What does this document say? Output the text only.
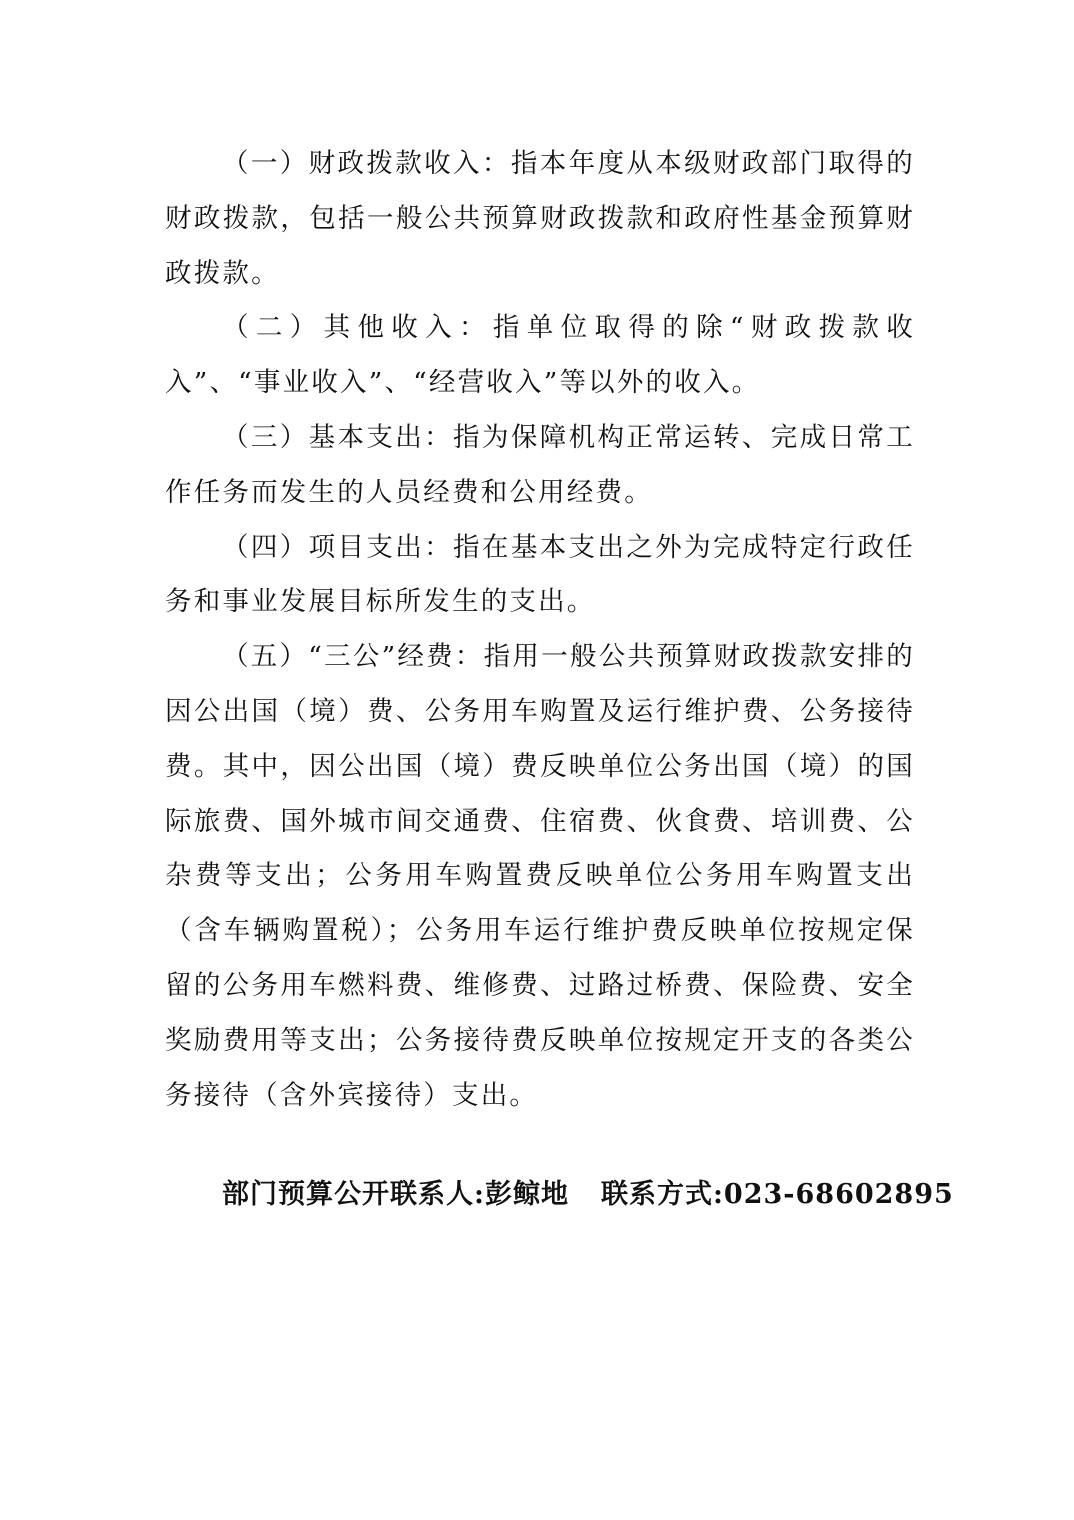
（一）财政拨款收入：指本年度从本级财政部门取得的财政拨款，包括一般公共预算财政拨款和政府性基金预算财政拨款。

（二）其他收入：指单位取得的除“财政拨款收入”、“事业收入”、“经营收入”等以外的收入。

（三）基本支出：指为保障机构正常运转、完成日常工作任务而发生的人员经费和公用经费。

（四）项目支出：指在基本支出之外为完成特定行政任务和事业发展目标所发生的支出。

（五）“三公”经费：指用一般公共预算财政拨款安排的因公出国（境）费、公务用车购置及运行维护费、公务接待费。其中，因公出国（境）费反映单位公务出国（境）的国际旅费、国外城市间交通费、住宿费、伙食费、培训费、公杂费等支出；公务用车购置费反映单位公务用车购置支出（含车辆购置税）；公务用车运行维护费反映单位按规定保留的公务用车燃料费、维修费、过路过桥费、保险费、安全奖励费用等支出；公务接待费反映单位按规定开支的各类公务接待（含外宾接待）支出。

部门预算公开联系人:彭鲸地 联系方式:023-68602895
